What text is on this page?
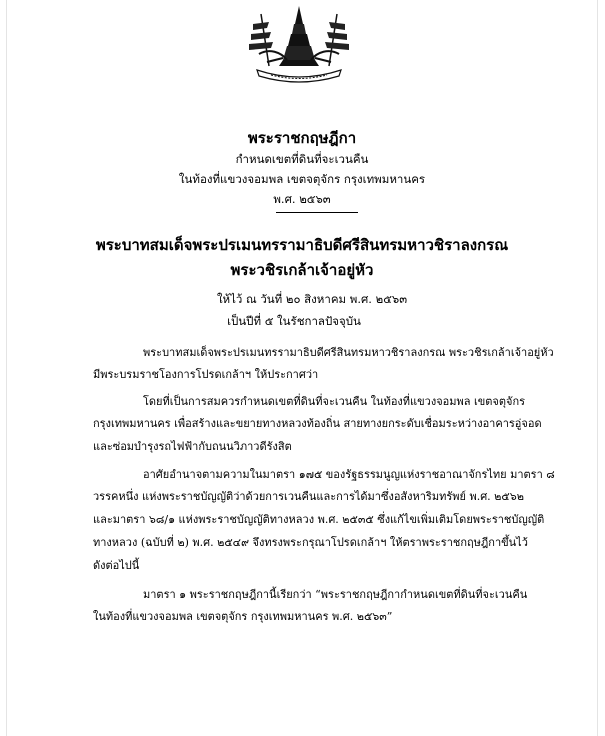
พระราชกฤษฎีกา
กำหนดเขตที่ดินที่จะเวนคืน
ในท้องที่แขวงจอมพล เขตจตุจักร กรุงเทพมหานคร
พ.ศ. ๒๕๖๓
พระบาทสมเด็จพระปรเมนทรรามาธิบดีศรีสินทรมหาวชิราลงกรณ
พระวชิรเกล้าเจ้าอยู่หัว
ให้ไว้ ณ วันที่ ๒๐ สิงหาคม พ.ศ. ๒๕๖๓
เป็นปีที่ ๕ ในรัชกาลปัจจุบัน
พระบาทสมเด็จพระปรเมนทรรามาธิบดีศรีสินทรมหาวชิราลงกรณ พระวชิรเกล้าเจ้าอยู่หัว
มีพระบรมราชโองการโปรดเกล้าฯ ให้ประกาศว่า
โดยที่เป็นการสมควรกำหนดเขตที่ดินที่จะเวนคืน ในท้องที่แขวงจอมพล เขตจตุจักร
กรุงเทพมหานคร เพื่อสร้างและขยายทางหลวงท้องถิ่น สายทางยกระดับเชื่อมระหว่างอาคารอู่จอด
และซ่อมบำรุงรถไฟฟ้ากับถนนวิภาวดีรังสิต
อาศัยอำนาจตามความในมาตรา ๑๗๕ ของรัฐธรรมนูญแห่งราชอาณาจักรไทย มาตรา ๘
วรรคหนึ่ง แห่งพระราชบัญญัติว่าด้วยการเวนคืนและการได้มาซึ่งอสังหาริมทรัพย์ พ.ศ. ๒๕๖๒
และมาตรา ๖๘/๑ แห่งพระราชบัญญัติทางหลวง พ.ศ. ๒๕๓๕ ซึ่งแก้ไขเพิ่มเติมโดยพระราชบัญญัติ
ทางหลวง (ฉบับที่ ๒) พ.ศ. ๒๕๔๙ จึงทรงพระกรุณาโปรดเกล้าฯ ให้ตราพระราชกฤษฎีกาขึ้นไว้
ดังต่อไปนี้
มาตรา ๑ พระราชกฤษฎีกานี้เรียกว่า “พระราชกฤษฎีกากำหนดเขตที่ดินที่จะเวนคืน
ในท้องที่แขวงจอมพล เขตจตุจักร กรุงเทพมหานคร พ.ศ. ๒๕๖๓”
